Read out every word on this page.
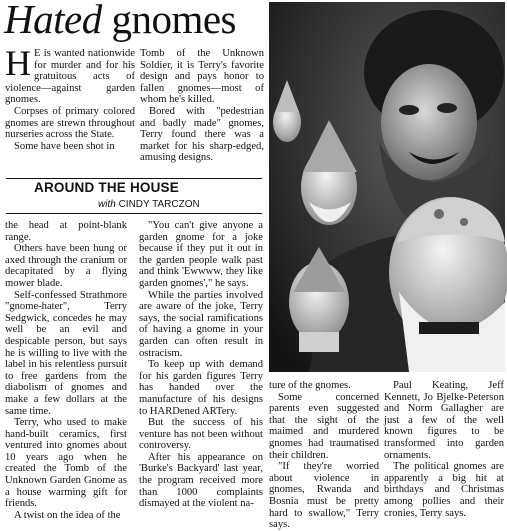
Hated gnomes

H E is wanted nationwide for murder and for his gratuitous acts of violence—against garden gnomes.

Corpses of primary colored gnomes are strewn throughout nurseries across the State.

Some have been shot in

Tomb of the Unknown Soldier, it is Terry's favorite design and pays honor to fallen gnomes—most of whom he's killed.

Bored with "pedestrian and badly made" gnomes, Terry found there was a market for his sharp-edged, amusing designs.

AROUND THE HOUSE
with CINDY TARCZON

the head at point-blank range.

Others have been hung or axed through the cranium or decapitated by a flying mower blade.

Self-confessed Strathmore "gnome-hater", Terry Sedgwick, concedes he may well be an evil and despicable person, but says he is willing to live with the label in his relentless pursuit to free gardens from the diabolism of gnomes and make a few dollars at the same time.

Terry, who used to make hand-built ceramics, first ventured into gnomes about 10 years ago when he created the Tomb of the Unknown Garden Gnome as a house warming gift for friends.

A twist on the idea of the

"You can't give anyone a garden gnome for a joke because if they put it out in the garden people walk past and think 'Ewwww, they like garden gnomes'," he says.

While the parties involved are aware of the joke, Terry says, the social ramifications of having a gnome in your garden can often result in ostracism.

To keep up with demand for his garden figures Terry has handed over the manufacture of his designs to HARDened ARTery.

But the success of his venture has not been without controversy.

After his appearance on 'Burke's Backyard' last year, the program received more than 1000 complaints dismayed at the violent na-

ture of the gnomes.

Some concerned parents even suggested that the sight of the maimed and murdered gnomes had traumatised their children.

"If they're worried about violence in gnomes, Rwanda and Bosnia must be pretty hard to swallow," Terry says.

Paul Keating, Jeff Kennett, Jo Bjelke-Peterson and Norm Gallagher are just a few of the well known figures to be transformed into garden ornaments.

The political gnomes are apparently a big hit at birthdays and Christmas among pollies and their cronies, Terry says.
